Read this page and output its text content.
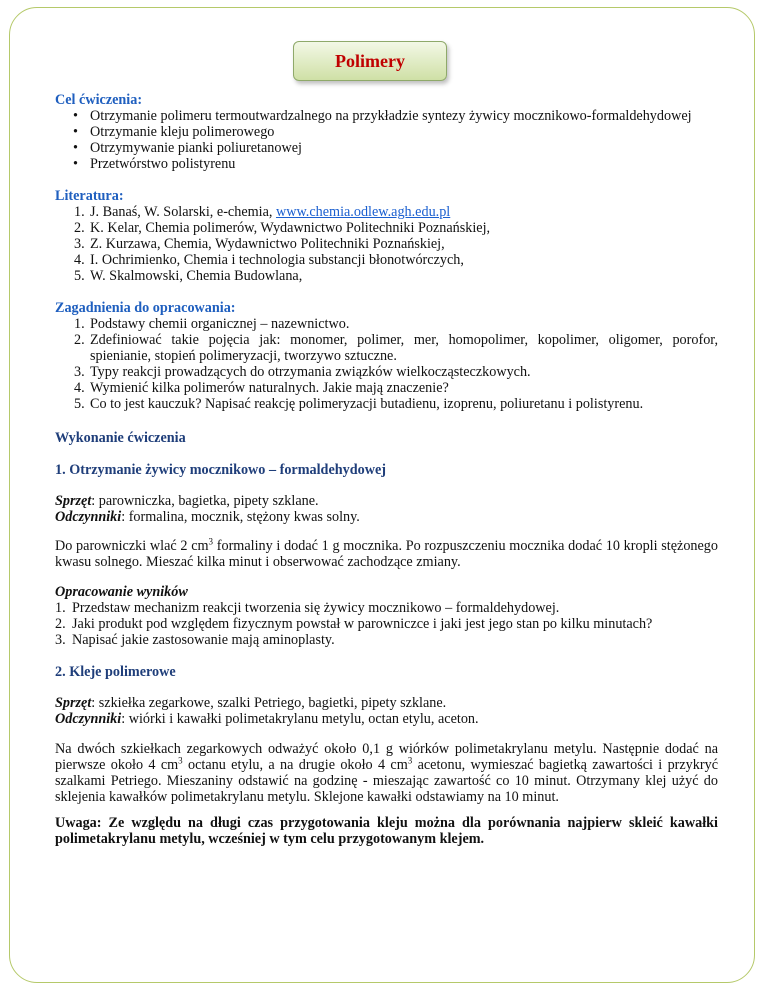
Polimery

Cel ćwiczenia:

• Otrzymanie polimeru termoutwardzalnego na przykładzie syntezy żywicy mocznikowo-formaldehydowej
• Otrzymanie kleju polimerowego
• Otrzymywanie pianki poliuretanowej
• Przetwórstwo polistyrenu

Literatura:

1. J. Banaś, W. Solarski, e-chemia, www.chemia.odlew.agh.edu.pl
2. K. Kelar, Chemia polimerów, Wydawnictwo Politechniki Poznańskiej,
3. Z. Kurzawa, Chemia, Wydawnictwo Politechniki Poznańskiej,
4. I. Ochrimienko, Chemia i technologia substancji błonotwórczych,
5. W. Skalmowski, Chemia Budowlana,

Zagadnienia do opracowania:

1. Podstawy chemii organicznej – nazewnictwo.
2. Zdefiniować takie pojęcia jak: monomer, polimer, mer, homopolimer, kopolimer, oligomer, porofor, spienianie, stopień polimeryzacji, tworzywo sztuczne.
3. Typy reakcji prowadzących do otrzymania związków wielkocząsteczkowych.
4. Wymienić kilka polimerów naturalnych. Jakie mają znaczenie?
5. Co to jest kauczuk? Napisać reakcję polimeryzacji butadienu, izoprenu, poliuretanu i polistyrenu.

Wykonanie ćwiczenia

1. Otrzymanie żywicy mocznikowo – formaldehydowej

Sprzęt: parowniczka, bagietka, pipety szklane.

Odczynniki: formalina, mocznik, stężony kwas solny.

Do parowniczki wlać 2 $cm^3$ formaliny i dodać 1 g mocznika. Po rozpuszczeniu mocznika dodać 10 kropli stężonego kwasu solnego. Mieszać kilka minut i obserwować zachodzące zmiany.

Opracowanie wyników

1. Przedstaw mechanizm reakcji tworzenia się żywicy mocznikowo – formaldehydowej.
2. Jaki produkt pod względem fizycznym powstał w parowniczce i jaki jest jego stan po kilku minutach?
3. Napisać jakie zastosowanie mają aminoplasty.

2. Kleje polimerowe

Sprzęt: szkiełka zegarkowe, szalki Petriego, bagietki, pipety szklane.

Odczynniki: wiórki i kawałki polimetakrylanu metylu, octan etylu, aceton.

Na dwóch szkiełkach zegarkowych odważyć około 0,1 g wiórków polimetakrylanu metylu. Następnie dodać na pierwsze około 4 $cm^3$ octanu etylu, a na drugie około 4 $cm^3$ acetonu, wymieszać bagietką zawartości i przykryć szalkami Petriego. Mieszaniny odstawić na godzinę - mieszając zawartość co 10 minut. Otrzymany klej użyć do sklejenia kawałków polimetakrylanu metylu. Sklejone kawałki odstawiamy na 10 minut.

Uwaga: Ze względu na długi czas przygotowania kleju można dla porównania najpierw skleić kawałki polimetakrylanu metylu, wcześniej w tym celu przygotowanym klejem.
